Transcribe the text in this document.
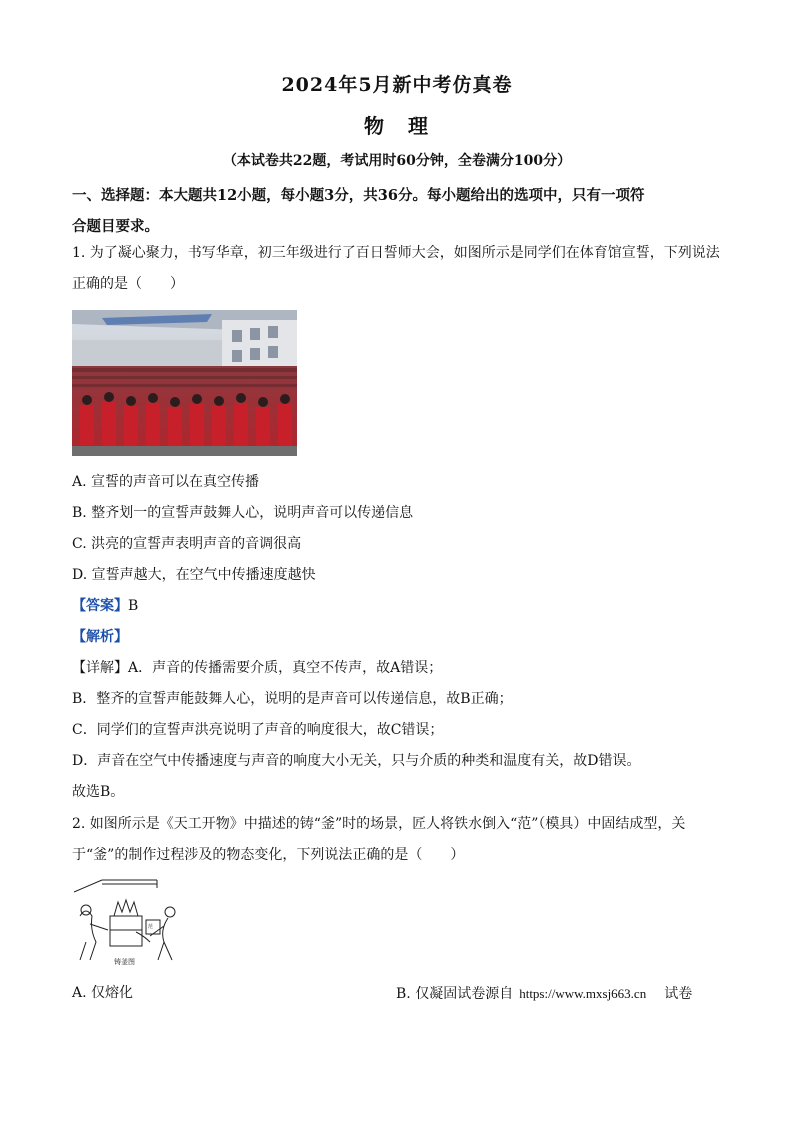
2024年5月新中考仿真卷
物　理
（本试卷共22题，考试用时60分钟，全卷满分100分）
一、选择题：本大题共12小题，每小题3分，共36分。每小题给出的选项中，只有一项符
合题目要求。
1. 为了凝心聚力，书写华章，初三年级进行了百日誓师大会，如图所示是同学们在体育馆宣誓，下列说法
正确的是（　　）
A. 宣誓的声音可以在真空传播
B. 整齐划一的宣誓声鼓舞人心，说明声音可以传递信息
C. 洪亮的宣誓声表明声音的音调很高
D. 宣誓声越大，在空气中传播速度越快
【答案】B
【解析】
【详解】A．声音的传播需要介质，真空不传声，故A错误；
B．整齐的宣誓声能鼓舞人心，说明的是声音可以传递信息，故B正确；
C．同学们的宣誓声洪亮说明了声音的响度很大，故C错误；
D．声音在空气中传播速度与声音的响度大小无关，只与介质的种类和温度有关，故D错误。
故选B。
2. 如图所示是《天工开物》中描述的铸“釜”时的场景，匠人将铁水倒入“范”（模具）中固结成型，关
于“釜”的制作过程涉及的物态变化，下列说法正确的是（　　）
范
铸釜图
A. 仅熔化	B. 仅凝固试卷源自 https://www.mxsj663.cn 试卷
